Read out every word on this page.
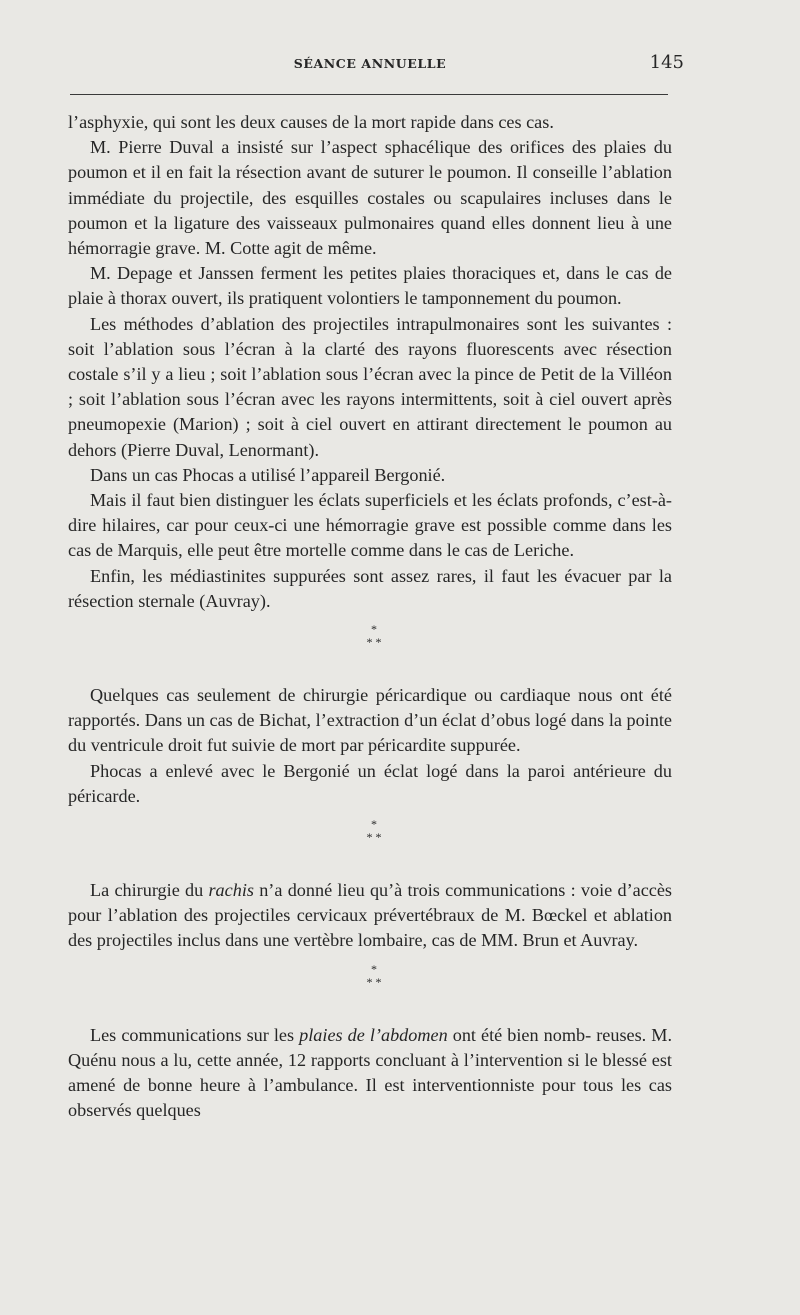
SÉANCE ANNUELLE	145

l’asphyxie, qui sont les deux causes de la mort rapide dans ces cas.

M. Pierre Duval a insisté sur l’aspect sphacélique des orifices des plaies du poumon et il en fait la résection avant de suturer le poumon. Il conseille l’ablation immédiate du projectile, des esquilles costales ou scapulaires incluses dans le poumon et la ligature des vaisseaux pulmonaires quand elles donnent lieu à une hémorragie grave. M. Cotte agit de même.

M. Depage et Janssen ferment les petites plaies thoraciques et, dans le cas de plaie à thorax ouvert, ils pratiquent volontiers le tamponnement du poumon.

Les méthodes d’ablation des projectiles intrapulmonaires sont les suivantes : soit l’ablation sous l’écran à la clarté des rayons fluorescents avec résection costale s’il y a lieu ; soit l’ablation sous l’écran avec la pince de Petit de la Villéon ; soit l’ablation sous l’écran avec les rayons intermittents, soit à ciel ouvert après pneumopexie (Marion) ; soit à ciel ouvert en attirant directement le poumon au dehors (Pierre Duval, Lenormant).

Dans un cas Phocas a utilisé l’appareil Bergonié.

Mais il faut bien distinguer les éclats superficiels et les éclats profonds, c’est-à-dire hilaires, car pour ceux-ci une hémorragie grave est possible comme dans les cas de Marquis, elle peut être mortelle comme dans le cas de Leriche.

Enfin, les médiastinites suppurées sont assez rares, il faut les évacuer par la résection sternale (Auvray).

*
* *

Quelques cas seulement de chirurgie péricardique ou cardiaque nous ont été rapportés. Dans un cas de Bichat, l’extraction d’un éclat d’obus logé dans la pointe du ventricule droit fut suivie de mort par péricardite suppurée.

Phocas a enlevé avec le Bergonié un éclat logé dans la paroi antérieure du péricarde.

*
* *

La chirurgie du rachis n’a donné lieu qu’à trois communications : voie d’accès pour l’ablation des projectiles cervicaux prévertébraux de M. Bœckel et ablation des projectiles inclus dans une vertèbre lombaire, cas de MM. Brun et Auvray.

*
* *

Les communications sur les plaies de l’abdomen ont été bien nomb- reuses. M. Quénu nous a lu, cette année, 12 rapports concluant à l’intervention si le blessé est amené de bonne heure à l’ambulance. Il est interventionniste pour tous les cas observés quelques
